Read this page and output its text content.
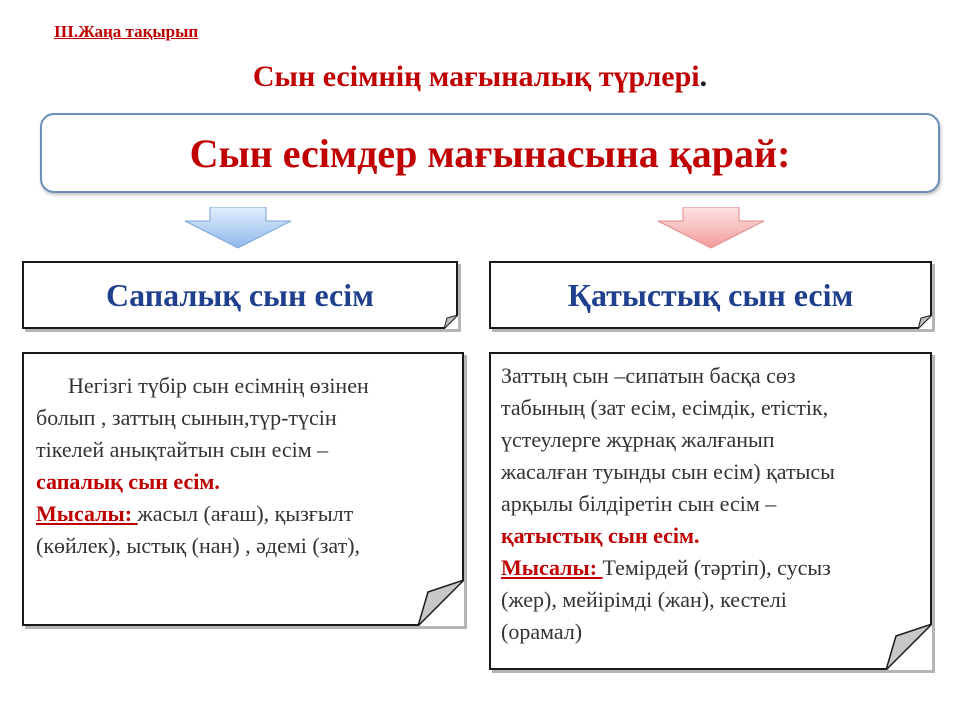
III.Жаңа тақырып
Сын есімнің мағыналық түрлері.
Сын есімдер мағынасына қарай:
Сапалық сын есім	Қатыстық сын есім
Негізгі түбір сын есімнің өзінен
болып , заттың сынын,түр-түсін
тікелей анықтайтын сын есім –
сапалық сын есім.
Мысалы: жасыл (ағаш), қызғылт
(көйлек), ыстық (нан) , әдемі (зат),
Заттың сын –сипатын басқа сөз
табының (зат есім, есімдік, етістік,
үстеулерге жұрнақ жалғанып
жасалған туынды сын есім) қатысы
арқылы білдіретін сын есім –
қатыстық сын есім.
Мысалы: Темірдей (тәртіп), сусыз
(жер), мейірімді (жан), кестелі
(орамал)
